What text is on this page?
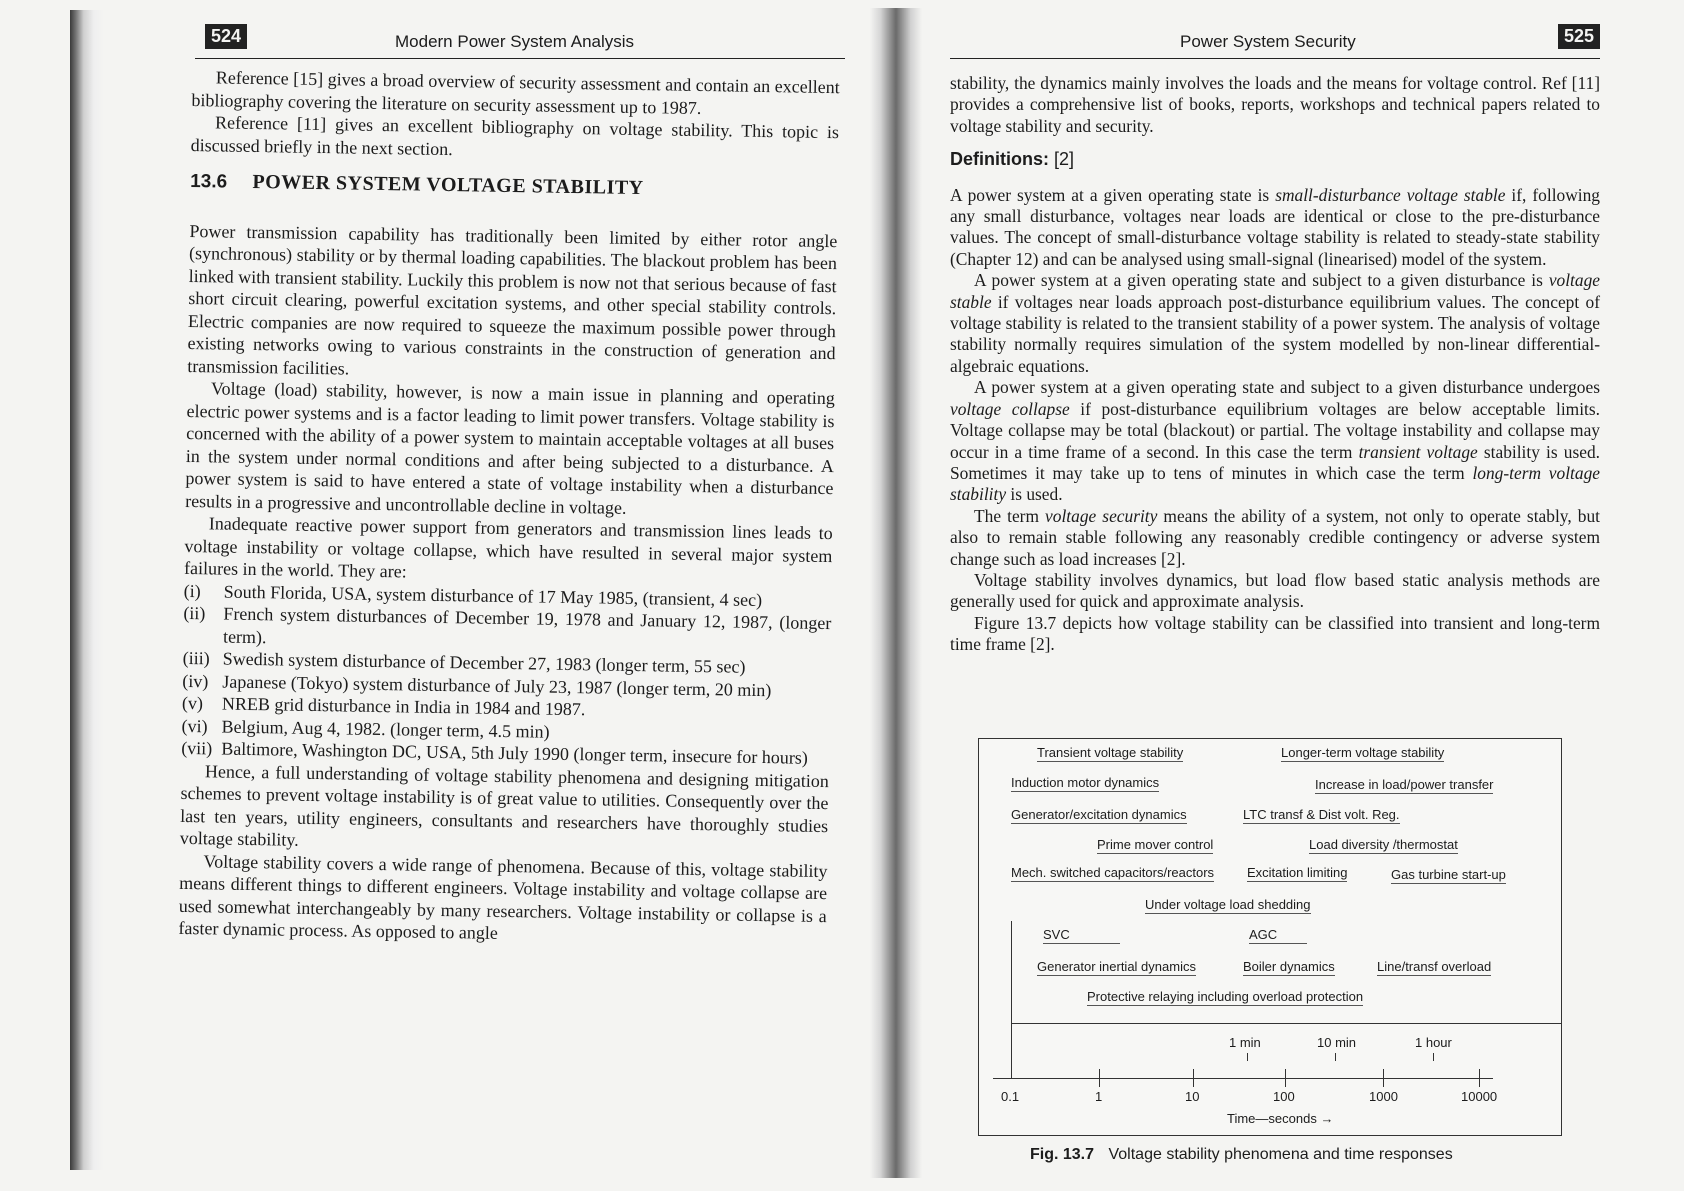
524	Modern Power System Analysis

Reference [15] gives a broad overview of security assessment and contain an excellent bibliography covering the literature on security assessment up to 1987.

Reference [11] gives an excellent bibliography on voltage stability. This topic is discussed briefly in the next section.

13.6 POWER SYSTEM VOLTAGE STABILITY

Power transmission capability has traditionally been limited by either rotor angle (synchronous) stability or by thermal loading capabilities. The blackout problem has been linked with transient stability. Luckily this problem is now not that serious because of fast short circuit clearing, powerful excitation systems, and other special stability controls. Electric companies are now required to squeeze the maximum possible power through existing networks owing to various constraints in the construction of generation and transmission facilities.

Voltage (load) stability, however, is now a main issue in planning and operating electric power systems and is a factor leading to limit power transfers. Voltage stability is concerned with the ability of a power system to maintain acceptable voltages at all buses in the system under normal conditions and after being subjected to a disturbance. A power system is said to have entered a state of voltage instability when a disturbance results in a progressive and uncontrollable decline in voltage.

Inadequate reactive power support from generators and transmission lines leads to voltage instability or voltage collapse, which have resulted in several major system failures in the world. They are:

(i)	South Florida, USA, system disturbance of 17 May 1985, (transient, 4 sec)
(ii) French system disturbances of December 19, 1978 and January 12, 1987, (longer term).
(iii) Swedish system disturbance of December 27, 1983 (longer term, 55 sec)
(iv) Japanese (Tokyo) system disturbance of July 23, 1987 (longer term, 20 min)
(v)	NREB grid disturbance in India in 1984 and 1987.
(vi) Belgium, Aug 4, 1982. (longer term, 4.5 min)
(vii) Baltimore, Washington DC, USA, 5th July 1990 (longer term, insecure for hours)

Hence, a full understanding of voltage stability phenomena and designing mitigation schemes to prevent voltage instability is of great value to utilities. Consequently over the last ten years, utility engineers, consultants and researchers have thoroughly studies voltage stability.

Voltage stability covers a wide range of phenomena. Because of this, voltage stability means different things to different engineers. Voltage instability and voltage collapse are used somewhat interchangeably by many researchers. Voltage instability or collapse is a faster dynamic process. As opposed to angle

Power System Security	525

stability, the dynamics mainly involves the loads and the means for voltage control. Ref [11] provides a comprehensive list of books, reports, workshops and technical papers related to voltage stability and security.

Definitions: [2]

A power system at a given operating state is small-disturbance voltage stable if, following any small disturbance, voltages near loads are identical or close to the pre-disturbance values. The concept of small-disturbance voltage stability is related to steady-state stability (Chapter 12) and can be analysed using small-signal (linearised) model of the system.

A power system at a given operating state and subject to a given disturbance is voltage stable if voltages near loads approach post-disturbance equilibrium values. The concept of voltage stability is related to the transient stability of a power system. The analysis of voltage stability normally requires simulation of the system modelled by non-linear differential-algebraic equations.

A power system at a given operating state and subject to a given disturbance undergoes voltage collapse if post-disturbance equilibrium voltages are below acceptable limits. Voltage collapse may be total (blackout) or partial. The voltage instability and collapse may occur in a time frame of a second. In this case the term transient voltage stability is used. Sometimes it may take up to tens of minutes in which case the term long-term voltage stability is used.

The term voltage security means the ability of a system, not only to operate stably, but also to remain stable following any reasonably credible contingency or adverse system change such as load increases [2].

Voltage stability involves dynamics, but load flow based static analysis methods are generally used for quick and approximate analysis.

Figure 13.7 depicts how voltage stability can be classified into transient and long-term time frame [2].

Transient voltage stability	Longer-term voltage stability
Induction motor dynamics	Increase in load/power transfer
Generator/excitation dynamics	LTC transf & Dist volt. Reg.
Prime mover control	Load diversity /thermostat
Mech. switched capacitors/reactors	Excitation limiting	Gas turbine start-up
Under voltage load shedding
SVC	AGC
Generator inertial dynamics	Boiler dynamics	Line/transf overload
Protective relaying including overload protection
1 min	10 min	1 hour
0.1	1	10	100	1000	10000
Time—seconds →
Fig. 13.7 Voltage stability phenomena and time responses
